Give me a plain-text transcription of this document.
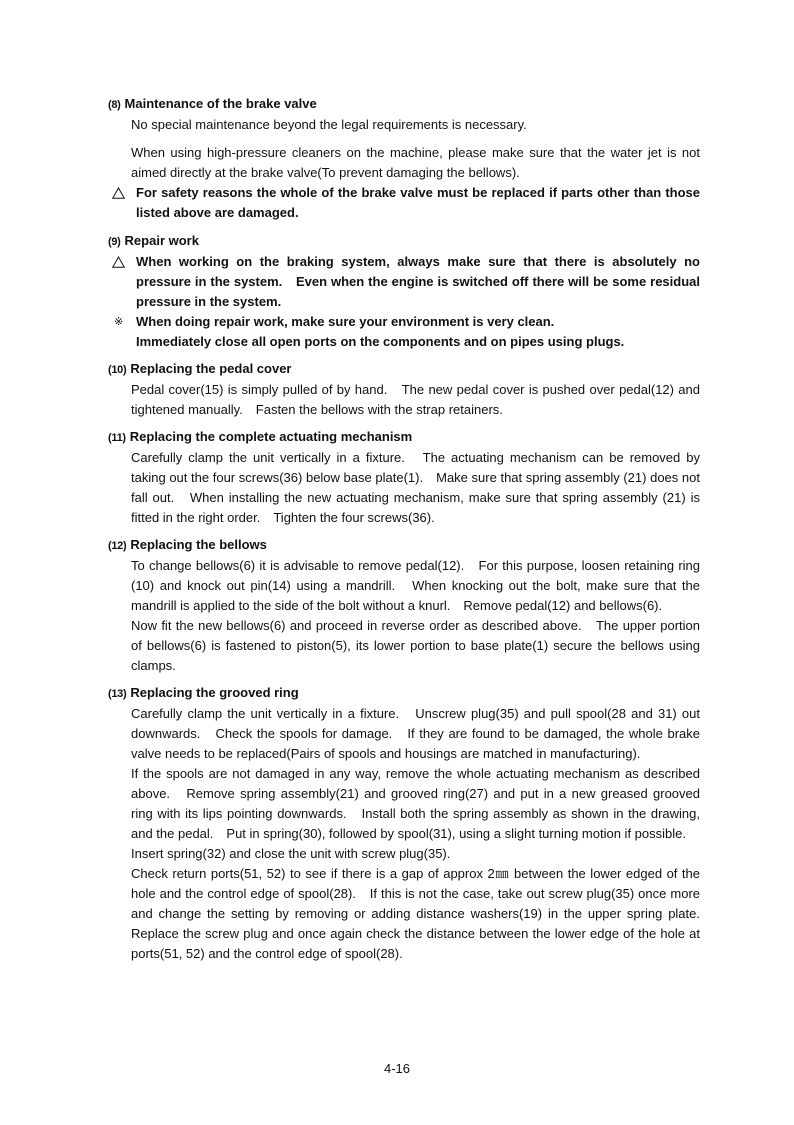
(8) Maintenance of the brake valve
No special maintenance beyond the legal requirements is necessary.
When using high-pressure cleaners on the machine, please make sure that the water jet is not aimed directly at the brake valve(To prevent damaging the bellows).
For safety reasons the whole of the brake valve must be replaced if parts other than those listed above are damaged.
(9) Repair work
When working on the braking system, always make sure that there is absolutely no pressure in the system.　Even when the engine is switched off there will be some residual pressure in the system.
※ When doing repair work, make sure your environment is very clean.
Immediately close all open ports on the components and on pipes using plugs.
(10) Replacing the pedal cover
Pedal cover(15) is simply pulled of by hand.　The new pedal cover is pushed over pedal(12) and tightened manually.　Fasten the bellows with the strap retainers.
(11) Replacing the complete actuating mechanism
Carefully clamp the unit vertically in a fixture.　The actuating mechanism can be removed by taking out the four screws(36) below base plate(1).　Make sure that spring assembly (21) does not fall out.　When installing the new actuating mechanism, make sure that spring assembly (21) is fitted in the right order.　Tighten the four screws(36).
(12) Replacing the bellows
To change bellows(6) it is advisable to remove pedal(12).　For this purpose, loosen retaining ring (10) and knock out pin(14) using a mandrill.　When knocking out the bolt, make sure that the mandrill is applied to the side of the bolt without a knurl.　Remove pedal(12) and bellows(6).
Now fit the new bellows(6) and proceed in reverse order as described above.　The upper portion of bellows(6) is fastened to piston(5), its lower portion to base plate(1) secure the bellows using clamps.
(13) Replacing the grooved ring
Carefully clamp the unit vertically in a fixture.　Unscrew plug(35) and pull spool(28 and 31) out downwards.　Check the spools for damage.　If they are found to be damaged, the whole brake valve needs to be replaced(Pairs of spools and housings are matched in manufacturing).
If the spools are not damaged in any way, remove the whole actuating mechanism as described above.　Remove spring assembly(21) and grooved ring(27) and put in a new greased grooved ring with its lips pointing downwards.　Install both the spring assembly as shown in the drawing, and the pedal.　Put in spring(30), followed by spool(31), using a slight turning motion if possible.
Insert spring(32) and close the unit with screw plug(35).
Check return ports(51, 52) to see if there is a gap of approx 2㎜ between the lower edged of the hole and the control edge of spool(28).　If this is not the case, take out screw plug(35) once more and change the setting by removing or adding distance washers(19) in the upper spring plate.　Replace the screw plug and once again check the distance between the lower edge of the hole at ports(51, 52) and the control edge of spool(28).
4-16
